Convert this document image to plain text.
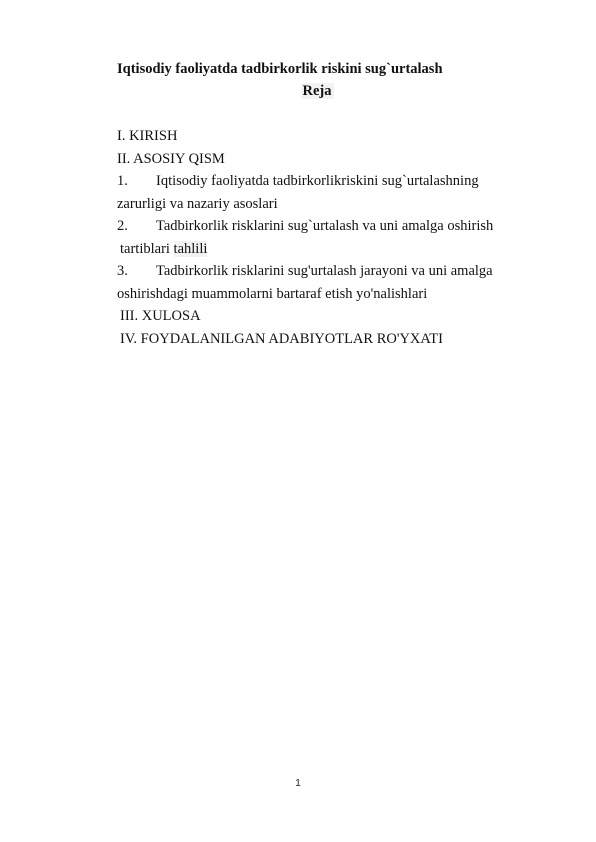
Iqtisodiy faoliyatda tadbirkorlik riskini sug`urtalash
Reja
I. KIRISH
II. ASOSIY QISM
1. Iqtisodiy faoliyatda tadbirkorlikriskini sug`urtalashning
zarurligi va nazariy asoslari
2. Tadbirkorlik risklarini sug`urtalash va uni amalga oshirish
tartiblari tahlili
3. Tadbirkorlik risklarini sug'urtalash jarayoni va uni amalga
oshirishdagi muammolarni bartaraf etish yo'nalishlari
III. XULOSA
IV. FOYDALANILGAN ADABIYOTLAR RO'YXATI
1
